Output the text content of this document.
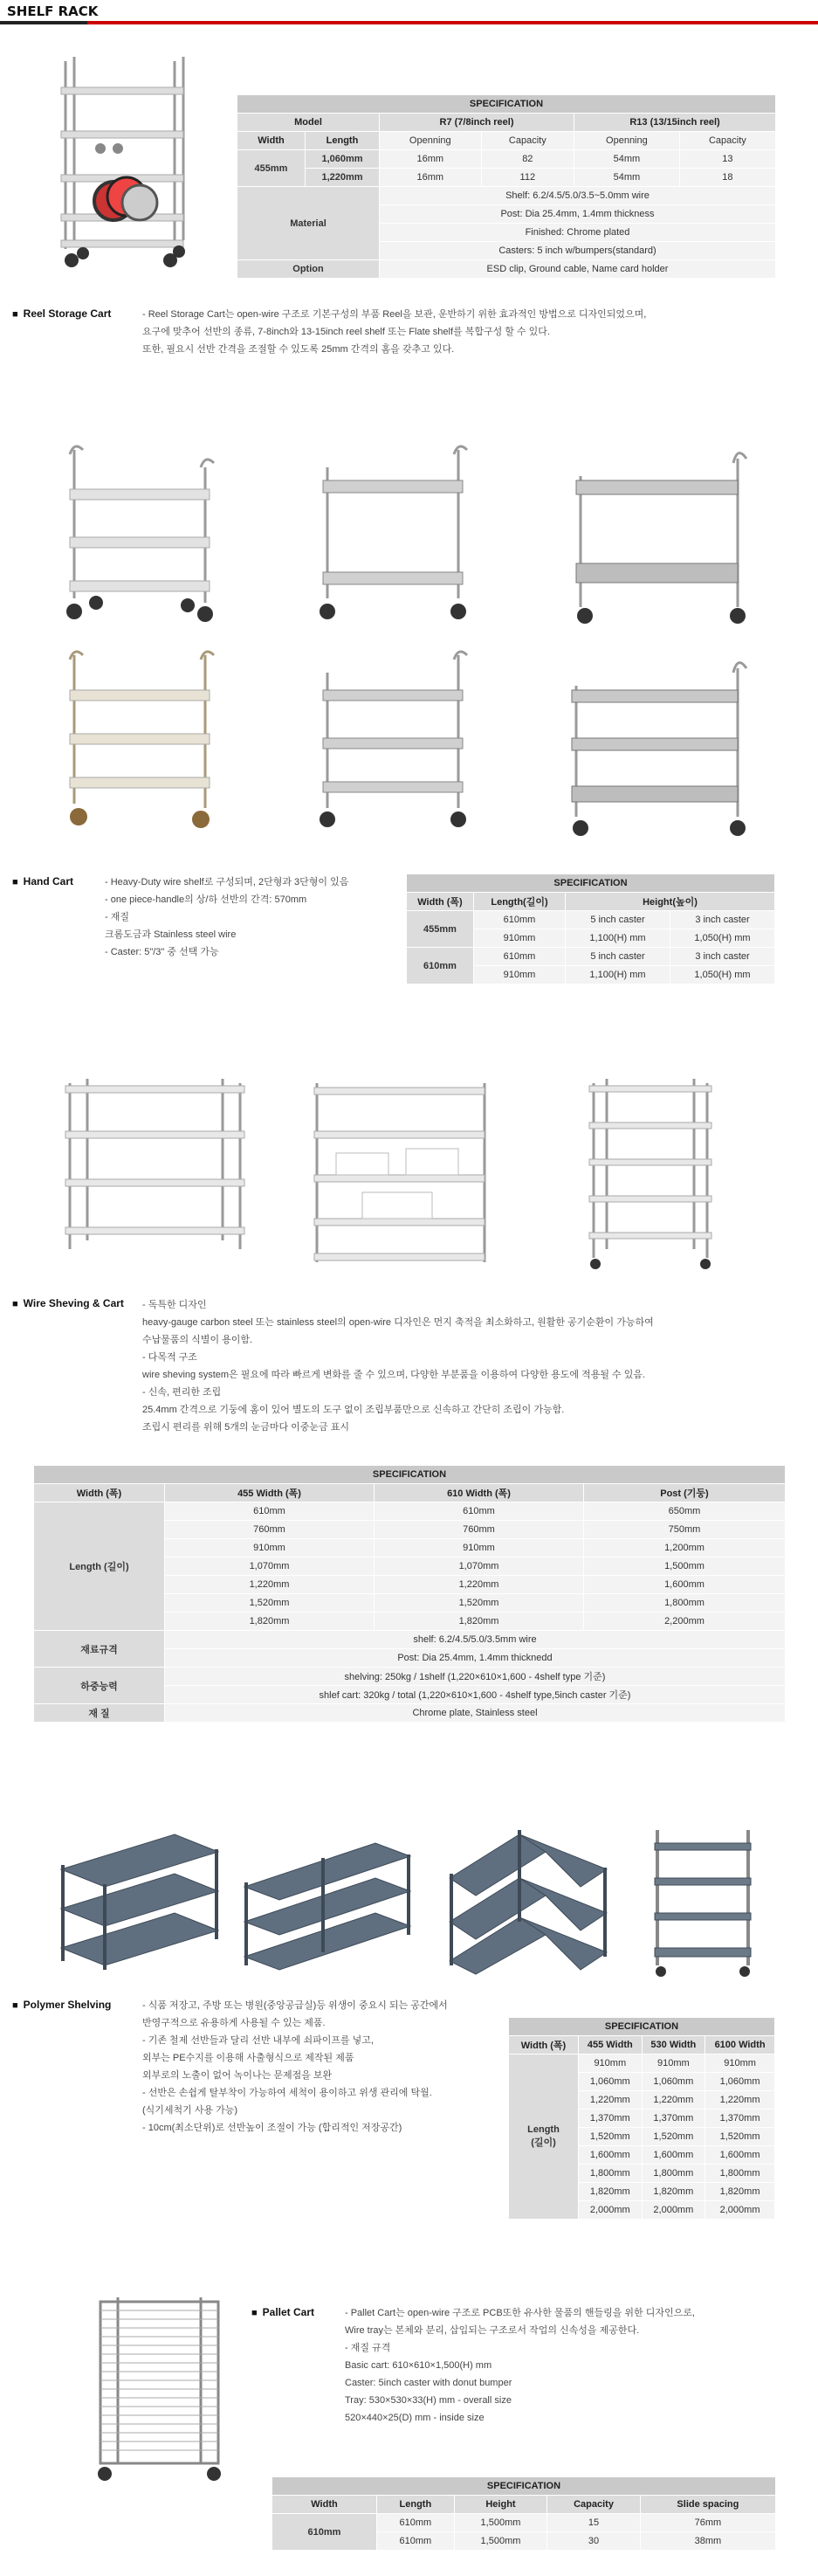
SHELF RACK
SPECIFICATION					
Model		R7 (7/8inch reel)		R13 (13/15inch reel)	
Width	Length	Openning	Capacity	Openning	Capacity
455mm	1,060mm	16mm	82	54mm	13
	1,220mm	16mm	112	54mm	18
Material		Shelf: 6.2/4.5/5.0/3.5~5.0mm wire			
		Post: Dia 25.4mm, 1.4mm thickness			
		Finished: Chrome plated			
		Casters: 5 inch w/bumpers(standard)			
Option		ESD clip, Ground cable, Name card holder			
■ Reel Storage Cart	- Reel Storage Cart는 open-wire 구조로 기본구성의 부품 Reel을 보관, 운반하기 위한 효과적인 방법으로 디자인되었으며,
요구에 맞추어 선반의 종류, 7-8inch와 13-15inch reel shelf 또는 Flate shelf를 복합구성 할 수 있다.
또한, 필요시 선반 간격을 조절할 수 있도록 25mm 간격의 홈을 갖추고 있다.
■ Hand Cart	- Heavy-Duty wire shelf로 구성되며, 2단형과 3단형이 있음
- one piece-handle의 상/하 선반의 간격: 570mm
- 재질
크롬도금과 Stainless steel wire
- Caster: 5"/3" 중 선택 가능
SPECIFICATION			
Width (폭)	Length(길이)	Height(높이)	
455mm	610mm	5 inch caster	3 inch caster
	910mm	1,100(H) mm	1,050(H) mm
610mm	610mm	5 inch caster	3 inch caster
	910mm	1,100(H) mm	1,050(H) mm
■ Wire Sheving & Cart - 독특한 디자인
heavy-gauge carbon steel 또는 stainless steel의 open-wire 디자인은 먼지 축적을 최소화하고, 원활한 공기순환이 가능하여
수납물품의 식별이 용이함.
- 다목적 구조
wire sheving system은 필요에 따라 빠르게 변화를 줄 수 있으며, 다양한 부분품을 이용하여 다양한 용도에 적용될 수 있음.
- 신속, 편리한 조립
25.4mm 간격으로 기둥에 홈이 있어 별도의 도구 없이 조립부품만으로 신속하고 간단히 조립이 가능함.
조립시 편리를 위해 5개의 눈금마다 이중눈금 표시
SPECIFICATION			
Width (폭)	455 Width (폭)	610 Width (폭)	Post (기둥)
Length (길이)	610mm	610mm	650mm
	760mm	760mm	750mm
	910mm	910mm	1,200mm
	1,070mm	1,070mm	1,500mm
	1,220mm	1,220mm	1,600mm
	1,520mm	1,520mm	1,800mm
	1,820mm	1,820mm	2,200mm
재료규격	shelf: 6.2/4.5/5.0/3.5mm wire		
	Post: Dia 25.4mm, 1.4mm thicknedd		
하중능력	shelving: 250kg / 1shelf (1,220×610×1,600 - 4shelf type 기준)		
	shlef cart: 320kg / total (1,220×610×1,600 - 4shelf type,5inch caster 기준)		
재 질	Chrome plate, Stainless steel		
■ Polymer Shelving	- 식품 저장고, 주방 또는 병원(중앙공급실)등 위생이 중요시 되는 공간에서
반영구적으로 유용하게 사용될 수 있는 제품.
- 기존 철제 선반들과 달리 선반 내부에 쇠파이프를 넣고,
외부는 PE수지를 이용해 사출형식으로 제작된 제품
외부로의 노출이 없어 녹이나는 문제점을 보완
- 선반은 손쉽게 탈부착이 가능하여 세척이 용이하고 위생 관리에 탁월.
(식기세척기 사용 가능)
- 10cm(최소단위)로 선반높이 조절이 가능 (합리적인 저장공간)
SPECIFICATION			
Width (폭)	455 Width	530 Width	6100 Width
Length
(길이)	910mm	910mm	910mm
	1,060mm	1,060mm	1,060mm
	1,220mm	1,220mm	1,220mm
	1,370mm	1,370mm	1,370mm
	1,520mm	1,520mm	1,520mm
	1,600mm	1,600mm	1,600mm
	1,800mm	1,800mm	1,800mm
	1,820mm	1,820mm	1,820mm
	2,000mm	2,000mm	2,000mm
■ Pallet Cart	- Pallet Cart는 open-wire 구조로 PCB또한 유사한 물품의 핸들링을 위한 디자인으로,
Wire tray는 본체와 분리, 삽입되는 구조로서 작업의 신속성을 제공한다.
- 재질 규격
Basic cart: 610×610×1,500(H) mm
Caster: 5inch caster with donut bumper
Tray: 530×530×33(H) mm - overall size
520×440×25(D) mm - inside size
SPECIFICATION				
Width	Length	Height	Capacity	Slide spacing
610mm	610mm	1,500mm	15	76mm
	610mm	1,500mm	30	38mm
